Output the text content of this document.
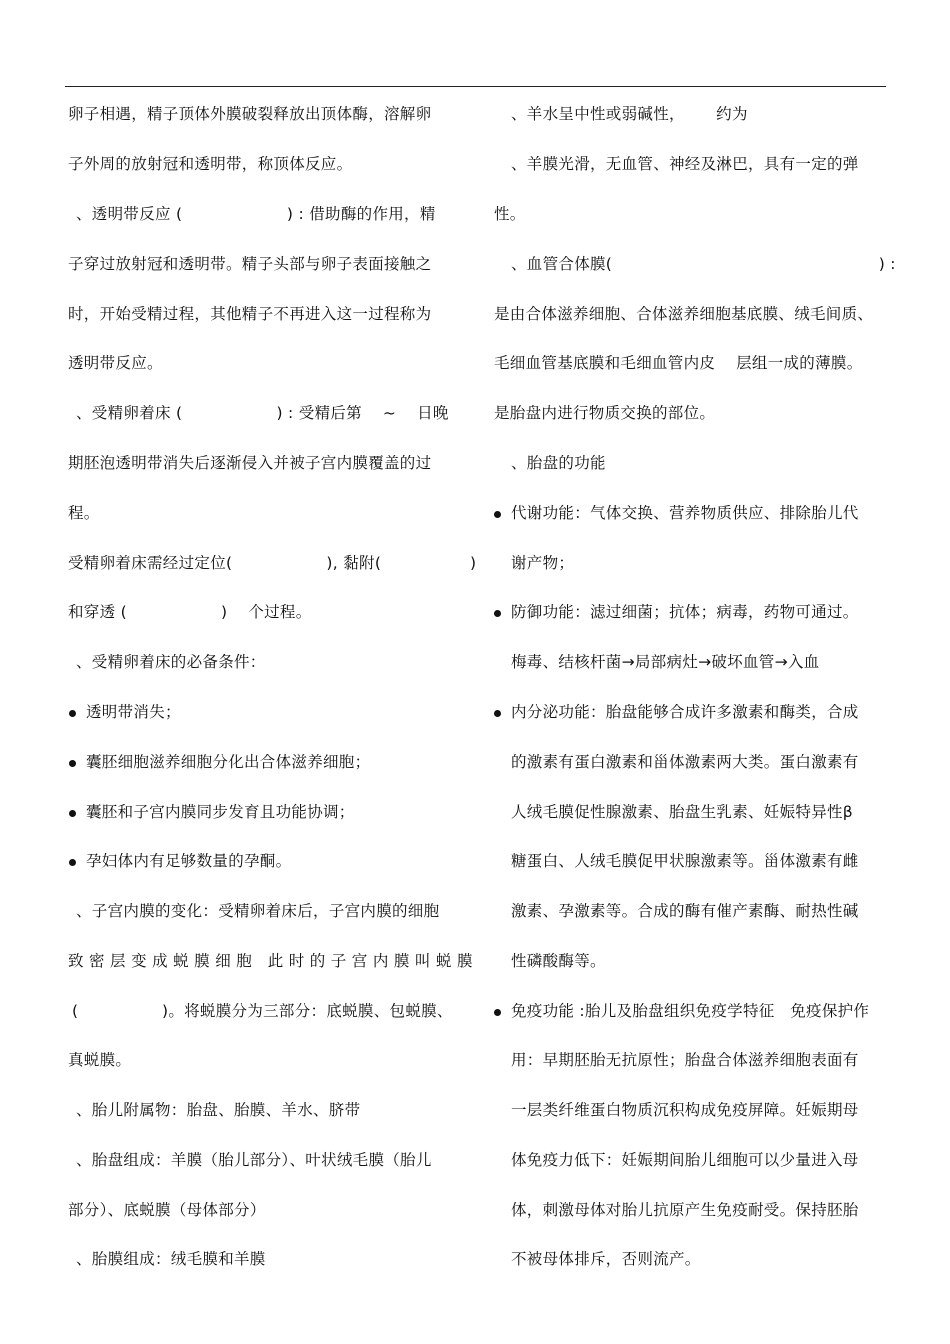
卵子相遇，精子顶体外膜破裂释放出顶体酶，溶解卵
子外周的放射冠和透明带，称顶体反应。
、透明带反应 (                    ) : 借助酶的作用，精
子穿过放射冠和透明带。精子头部与卵子表面接触之
时，开始受精过程，其他精子不再进入这一过程称为
透明带反应。
、受精卵着床 (                  ) : 受精后第    ~    日晚
期胚泡透明带消失后逐渐侵入并被子宫内膜覆盖的过
程。
受精卵着床需经过定位(                  ), 黏附(                 )
和穿透 (                  )    个过程。
、受精卵着床的必备条件：
透明带消失；
囊胚细胞滋养细胞分化出合体滋养细胞；
囊胚和子宫内膜同步发育且功能协调；
孕妇体内有足够数量的孕酮。
、子宫内膜的变化：受精卵着床后，子宫内膜的细胞
致 密 层 变 成 蜕 膜 细 胞   此 时 的 子 宫 内 膜 叫 蜕 膜
(                )。将蜕膜分为三部分：底蜕膜、包蜕膜、
真蜕膜。
、胎儿附属物：胎盘、胎膜、羊水、脐带
、胎盘组成：羊膜（胎儿部分）、叶状绒毛膜（胎儿
部分）、底蜕膜（母体部分）
、胎膜组成：绒毛膜和羊膜
、羊水呈中性或弱碱性，      约为
、羊膜光滑，无血管、神经及淋巴，具有一定的弹
性。
、血管合体膜(                                                   ) :
是由合体滋养细胞、合体滋养细胞基底膜、绒毛间质、
毛细血管基底膜和毛细血管内皮    层组一成的薄膜。
是胎盘内进行物质交换的部位。
、胎盘的功能
代谢功能：气体交换、营养物质供应、排除胎儿代
谢产物；
防御功能：滤过细菌；抗体；病毒，药物可通过。
梅毒、结核杆菌→局部病灶→破坏血管→入血
内分泌功能：胎盘能够合成许多激素和酶类，合成
的激素有蛋白激素和甾体激素两大类。蛋白激素有
人绒毛膜促性腺激素、胎盘生乳素、妊娠特异性β
糖蛋白、人绒毛膜促甲状腺激素等。甾体激素有雌
激素、孕激素等。合成的酶有催产素酶、耐热性碱
性磷酸酶等。
免疫功能 :胎儿及胎盘组织免疫学特征   免疫保护作
用：早期胚胎无抗原性；胎盘合体滋养细胞表面有
一层类纤维蛋白物质沉积构成免疫屏障。妊娠期母
体免疫力低下：妊娠期间胎儿细胞可以少量进入母
体，刺激母体对胎儿抗原产生免疫耐受。保持胚胎
不被母体排斥，否则流产。
